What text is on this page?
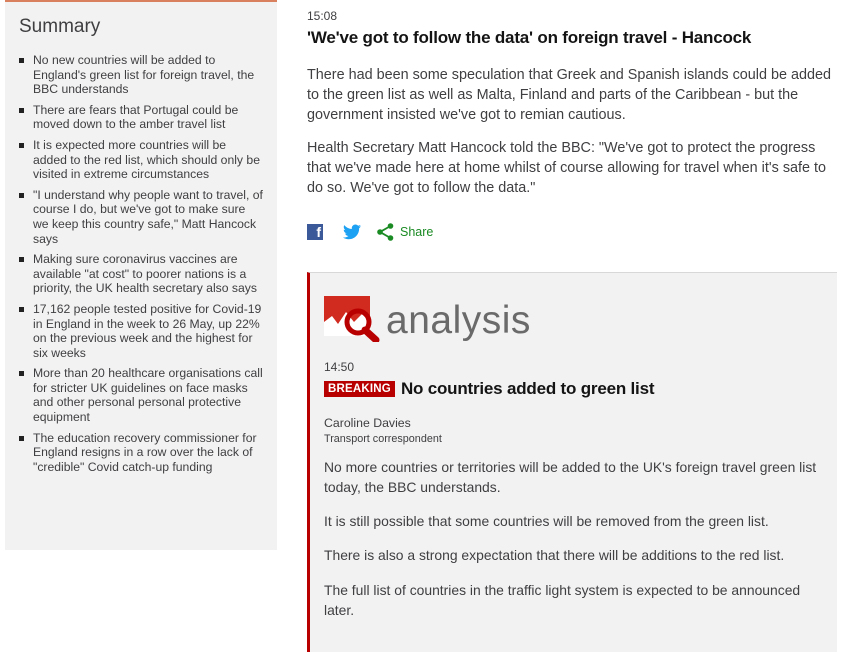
Summary
No new countries will be added to England's green list for foreign travel, the BBC understands
There are fears that Portugal could be moved down to the amber travel list
It is expected more countries will be added to the red list, which should only be visited in extreme circumstances
"I understand why people want to travel, of course I do, but we've got to make sure we keep this country safe," Matt Hancock says
Making sure coronavirus vaccines are available "at cost" to poorer nations is a priority, the UK health secretary also says
17,162 people tested positive for Covid-19 in England in the week to 26 May, up 22% on the previous week and the highest for six weeks
More than 20 healthcare organisations call for stricter UK guidelines on face masks and other personal personal protective equipment
The education recovery commissioner for England resigns in a row over the lack of "credible" Covid catch-up funding
15:08
'We've got to follow the data' on foreign travel - Hancock

There had been some speculation that Greek and Spanish islands could be added to the green list as well as Malta, Finland and parts of the Caribbean - but the government insisted we've got to remian cautious.

Health Secretary Matt Hancock told the BBC: "We've got to protect the progress that we've made here at home whilst of course allowing for travel when it's safe to do so. We've got to follow the data."

f	Share
analysis
14:50
BREAKING No countries added to green list
Caroline Davies
Transport correspondent

No more countries or territories will be added to the UK's foreign travel green list today, the BBC understands.

It is still possible that some countries will be removed from the green list.

There is also a strong expectation that there will be additions to the red list.

The full list of countries in the traffic light system is expected to be announced later.
